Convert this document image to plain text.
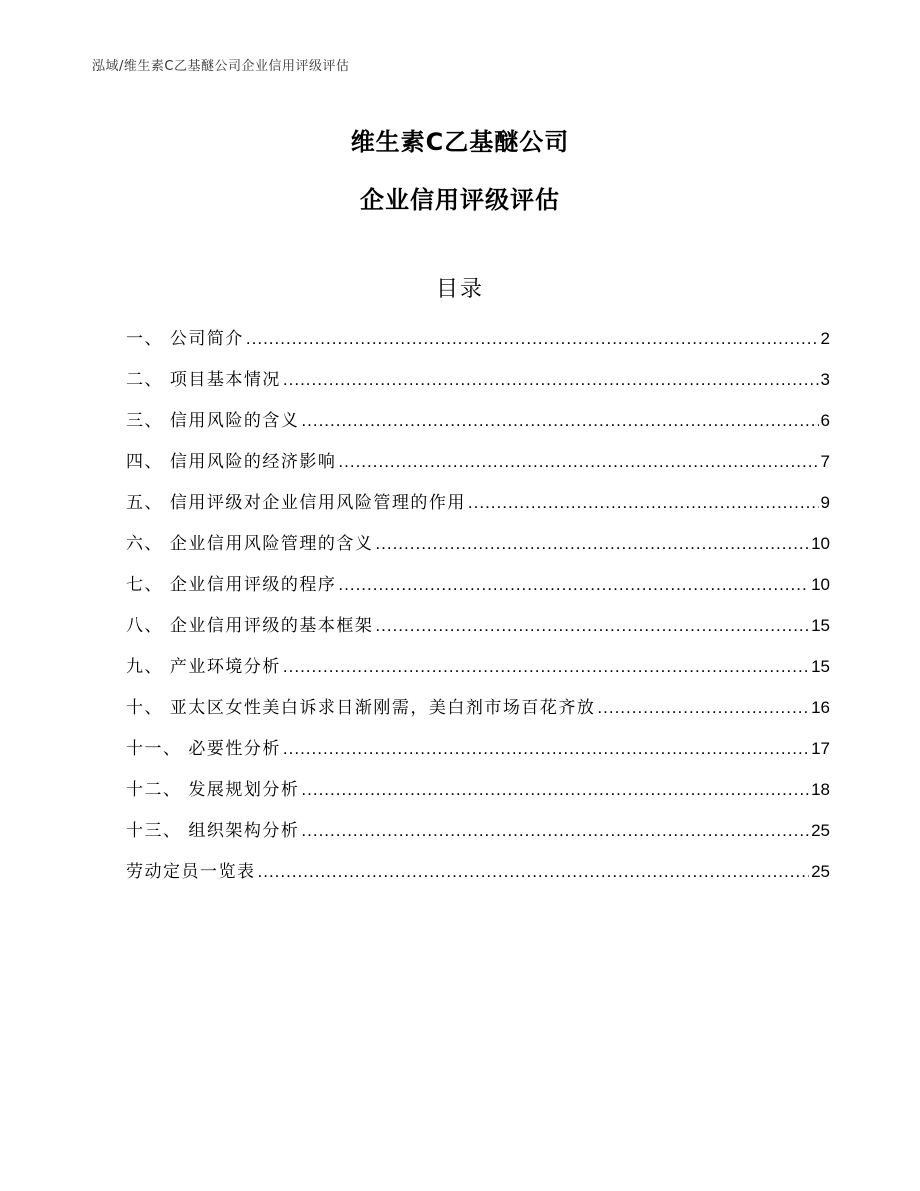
泓域/维生素C乙基醚公司企业信用评级评估
维生素C乙基醚公司
企业信用评级评估
目录
一、 公司简介 .....	2
二、 项目基本情况 .....	3
三、 信用风险的含义 .....	6
四、 信用风险的经济影响 .....	7
五、 信用评级对企业信用风险管理的作用 .....	9
六、 企业信用风险管理的含义 .....	10
七、 企业信用评级的程序 .....	10
八、 企业信用评级的基本框架 .....	15
九、 产业环境分析 .....	15
十、 亚太区女性美白诉求日渐刚需，美白剂市场百花齐放 .....	16
十一、 必要性分析 .....	17
十二、 发展规划分析 .....	18
十三、 组织架构分析 .....	25
劳动定员一览表 .....	25
